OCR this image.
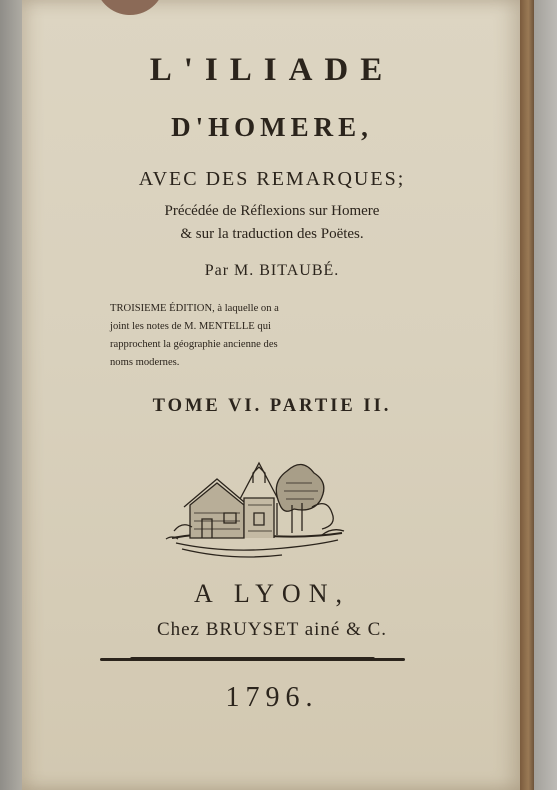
L'ILIADE
D'HOMERE,
AVEC DES REMARQUES;
Précédée de Réflexions sur Homere
& sur la traduction des Poëtes.
Par M. BITAUBÉ.
TROISIEME ÉDITION, à laquelle on a
joint les notes de M. MENTELLE qui
rapprochent la géographie ancienne des
noms modernes.
TOME VI. PARTIE II.
A LYON,
Chez BRUYSET ainé & C.
1796.
